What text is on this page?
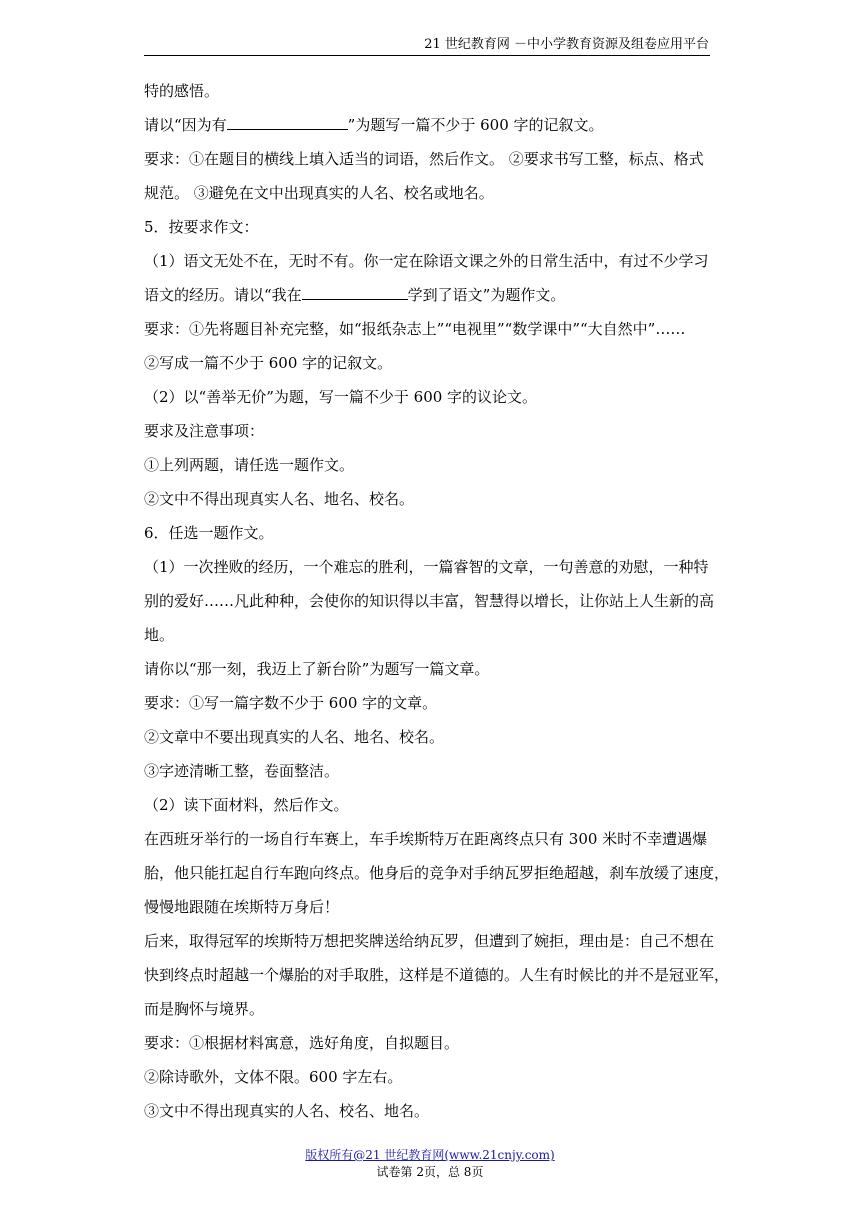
21 世纪教育网 －中小学教育资源及组卷应用平台

特的感悟。

请以“因为有	”为题写一篇不少于 600 字的记叙文。

要求：①在题目的横线上填入适当的词语，然后作文。 ②要求书写工整，标点、格式

规范。 ③避免在文中出现真实的人名、校名或地名。

5．按要求作文：

（1）语文无处不在，无时不有。你一定在除语文课之外的日常生活中，有过不少学习

语文的经历。请以“我在	学到了语文”为题作文。

要求：①先将题目补充完整，如“报纸杂志上”“电视里”“数学课中”“大自然中”……

②写成一篇不少于 600 字的记叙文。

（2）以“善举无价”为题，写一篇不少于 600 字的议论文。

要求及注意事项：

①上列两题，请任选一题作文。

②文中不得出现真实人名、地名、校名。

6．任选一题作文。

（1）一次挫败的经历，一个难忘的胜利，一篇睿智的文章，一句善意的劝慰，一种特

别的爱好……凡此种种，会使你的知识得以丰富，智慧得以增长，让你站上人生新的高

地。

请你以“那一刻，我迈上了新台阶”为题写一篇文章。

要求：①写一篇字数不少于 600 字的文章。

②文章中不要出现真实的人名、地名、校名。

③字迹清晰工整，卷面整洁。

（2）读下面材料，然后作文。

在西班牙举行的一场自行车赛上，车手埃斯特万在距离终点只有 300 米时不幸遭遇爆

胎，他只能扛起自行车跑向终点。他身后的竞争对手纳瓦罗拒绝超越，刹车放缓了速度，

慢慢地跟随在埃斯特万身后！

后来，取得冠军的埃斯特万想把奖牌送给纳瓦罗，但遭到了婉拒，理由是：自己不想在

快到终点时超越一个爆胎的对手取胜，这样是不道德的。人生有时候比的并不是冠亚军，

而是胸怀与境界。

要求：①根据材料寓意，选好角度，自拟题目。

②除诗歌外，文体不限。600 字左右。

③文中不得出现真实的人名、校名、地名。

版权所有@21 世纪教育网(www.21cnjy.com)
试卷第 2页，总 8页
